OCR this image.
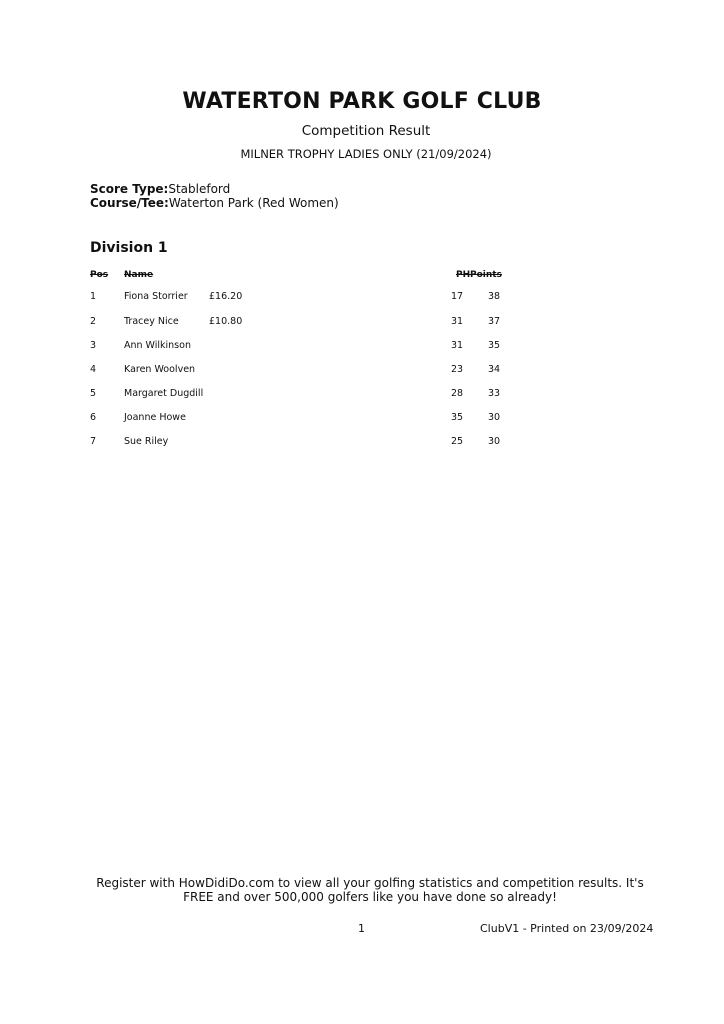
WATERTON PARK GOLF CLUB
Competition Result
MILNER TROPHY LADIES ONLY (21/09/2024)
Score Type:Stableford
Course/Tee:Waterton Park (Red Women)
Division 1
Pos Name	PH Points
1	Fiona Storrier £16.20	17	38
2	Tracey Nice	£10.80	31	37
3	Ann Wilkinson	31	35
4	Karen Woolven	23	34
5	Margaret Dugdill	28	33
6	Joanne Howe	35	30
7	Sue Riley	25	30
Register with HowDidiDo.com to view all your golfing statistics and competition results. It's FREE and over 500,000 golfers like you have done so already!
1	ClubV1 - Printed on 23/09/2024
